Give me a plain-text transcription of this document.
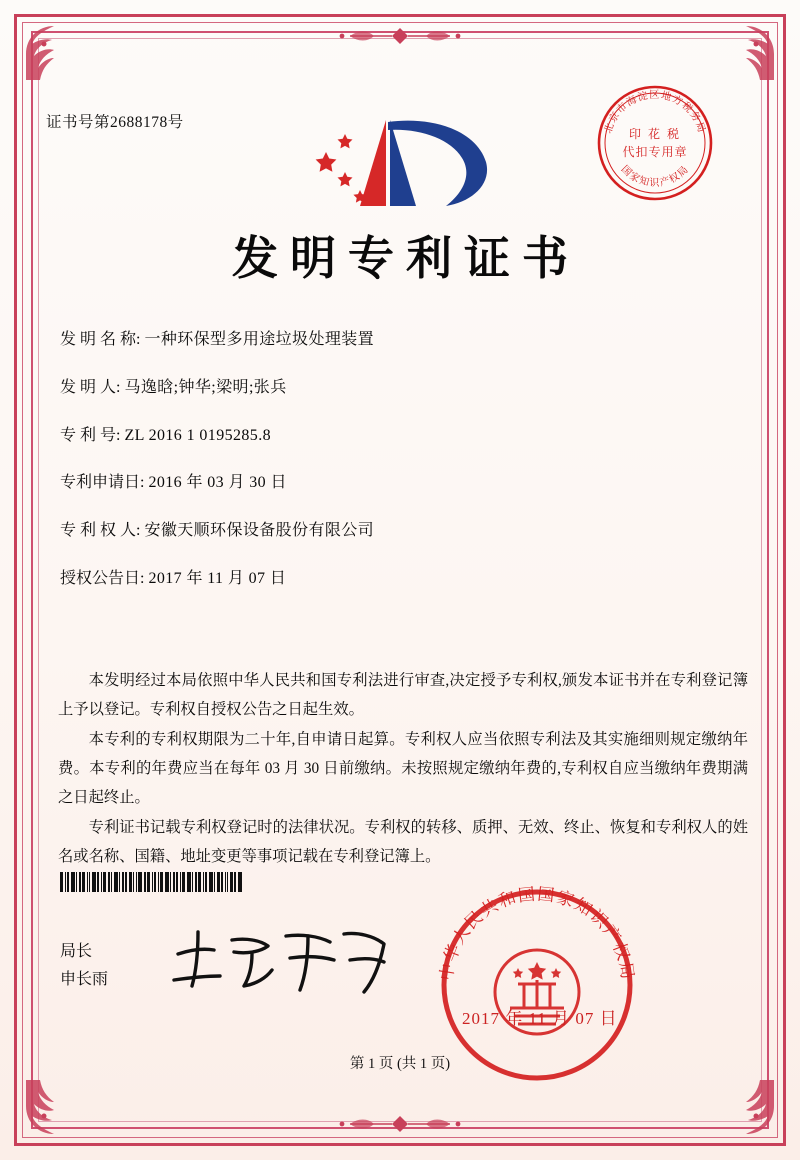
证书号第2688178号	北京市海淀区地方税务局
国家知识产权局
印 花 税
代扣专用章
发明专利证书
发 明 名 称: 一种环保型多用途垃圾处理装置
发 明 人: 马逸晗;钟华;梁明;张兵
专 利 号: ZL 2016 1 0195285.8
专利申请日: 2016 年 03 月 30 日
专 利 权 人: 安徽天顺环保设备股份有限公司
授权公告日: 2017 年 11 月 07 日

本发明经过本局依照中华人民共和国专利法进行审查,决定授予专利权,颁发本证书并在专利登记簿上予以登记。专利权自授权公告之日起生效。

本专利的专利权期限为二十年,自申请日起算。专利权人应当依照专利法及其实施细则规定缴纳年费。本专利的年费应当在每年 03 月 30 日前缴纳。未按照规定缴纳年费的,专利权自应当缴纳年费期满之日起终止。

专利证书记载专利权登记时的法律状况。专利权的转移、质押、无效、终止、恢复和专利权人的姓名或名称、国籍、地址变更等事项记载在专利登记簿上。

局长
申长雨	中华人民共和国国家知识产权局
2017 年 11 月 07 日
第 1 页 (共 1 页)
